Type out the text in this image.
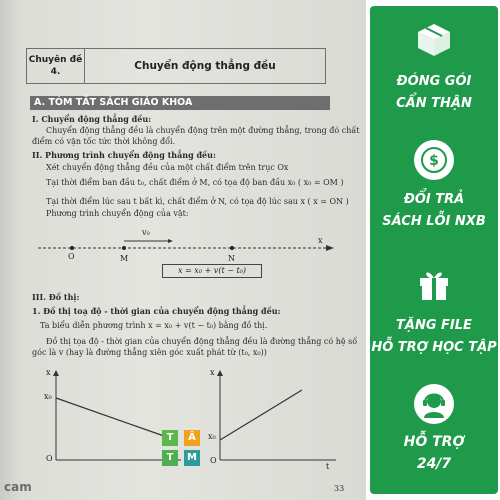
Chuyên đề
4.	Chuyển động thẳng đều
A. TÓM TẮT SÁCH GIÁO KHOA
I. Chuyển động thẳng đều:
Chuyển động thẳng đều là chuyển động trên một đường thẳng, trong đó chất
điểm có vận tốc tức thời không đổi.
II. Phương trình chuyển động thẳng đều:
Xét chuyển động thẳng đều của một chất điểm trên trục Ox
Tại thời điểm ban đầu t₀, chất điểm ở M, có tọa độ ban đầu x₀ ( x₀ = OM )
Tại thời điểm lúc sau t bất kì, chất điểm ở N, có tọa độ lúc sau x ( x = ON )
Phương trình chuyển động của vật:
v₀
x
O	M	N
x = x₀ + v(t − t₀)
III. Đồ thị:
1. Đồ thị toạ độ - thời gian của chuyển động thẳng đều:
Ta biểu diễn phương trình x = x₀ + v(t − t₀) bằng đồ thị.
Đồ thị tọa độ - thời gian của chuyển động thẳng đều là đường thẳng có hệ số
góc là v (hay là đường thẳng xiên góc xuất phát từ (t₀, x₀))
x
x₀
O
x
x₀
O
t
T	Â
T	M
cam	33
ĐÓNG GÓI
CẨN THẬN
$
ĐỔI TRẢ
SÁCH LỖI NXB
TẶNG FILE
HỖ TRỢ HỌC TẬP
HỖ TRỢ
24/7
